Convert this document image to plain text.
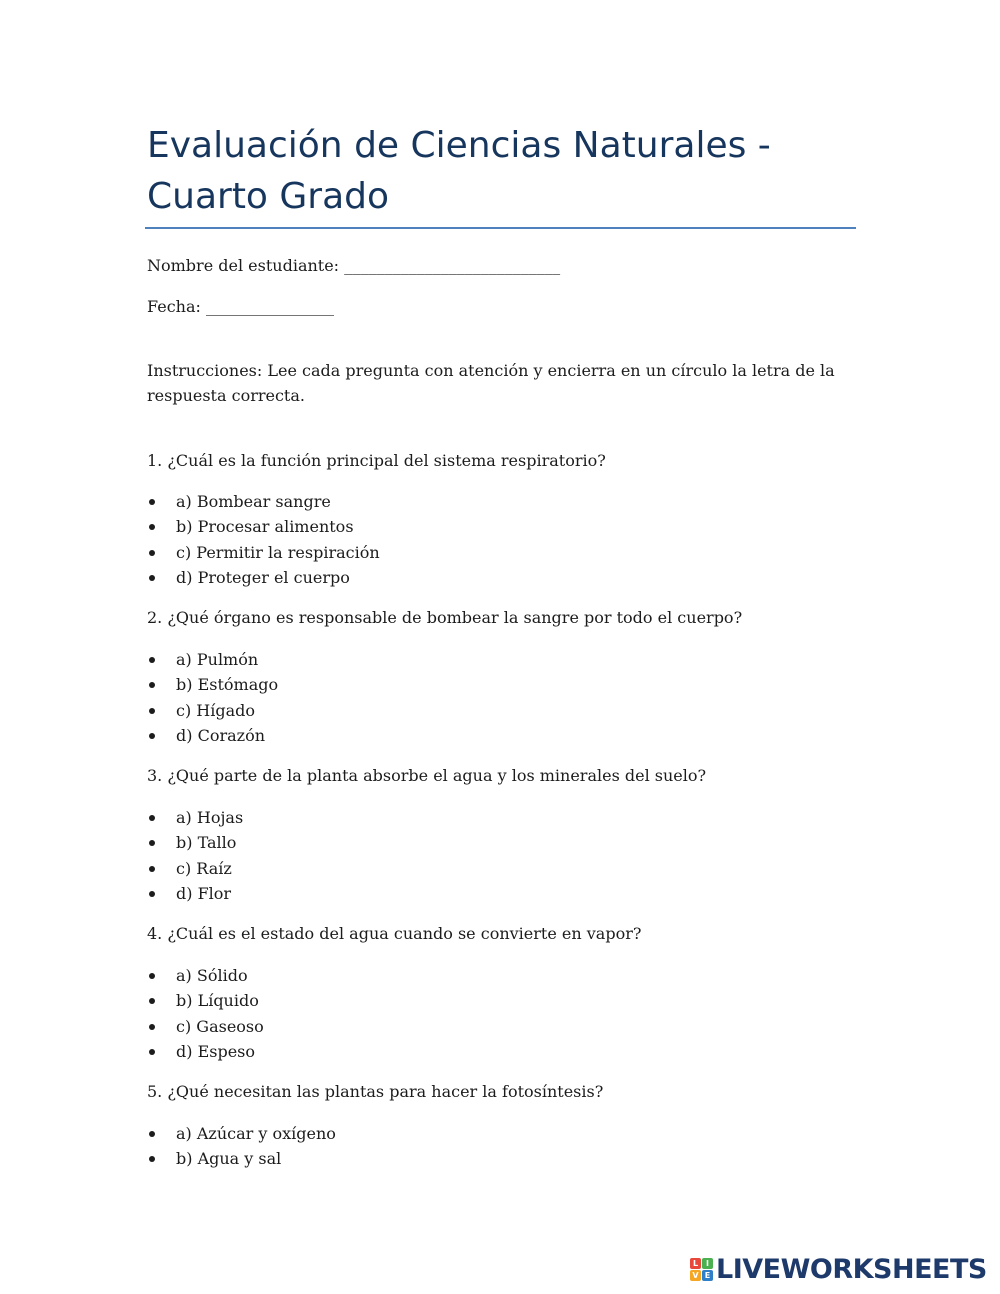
Evaluación de Ciencias Naturales - Cuarto Grado
Nombre del estudiante: ___________________________
Fecha: ________________
Instrucciones: Lee cada pregunta con atención y encierra en un círculo la letra de la respuesta correcta.
1. ¿Cuál es la función principal del sistema respiratorio?
a) Bombear sangre
b) Procesar alimentos
c) Permitir la respiración
d) Proteger el cuerpo
2. ¿Qué órgano es responsable de bombear la sangre por todo el cuerpo?
a) Pulmón
b) Estómago
c) Hígado
d) Corazón
3. ¿Qué parte de la planta absorbe el agua y los minerales del suelo?
a) Hojas
b) Tallo
c) Raíz
d) Flor
4. ¿Cuál es el estado del agua cuando se convierte en vapor?
a) Sólido
b) Líquido
c) Gaseoso
d) Espeso
5. ¿Qué necesitan las plantas para hacer la fotosíntesis?
a) Azúcar y oxígeno
b) Agua y sal
L I
V E LIVEWORKSHEETS
